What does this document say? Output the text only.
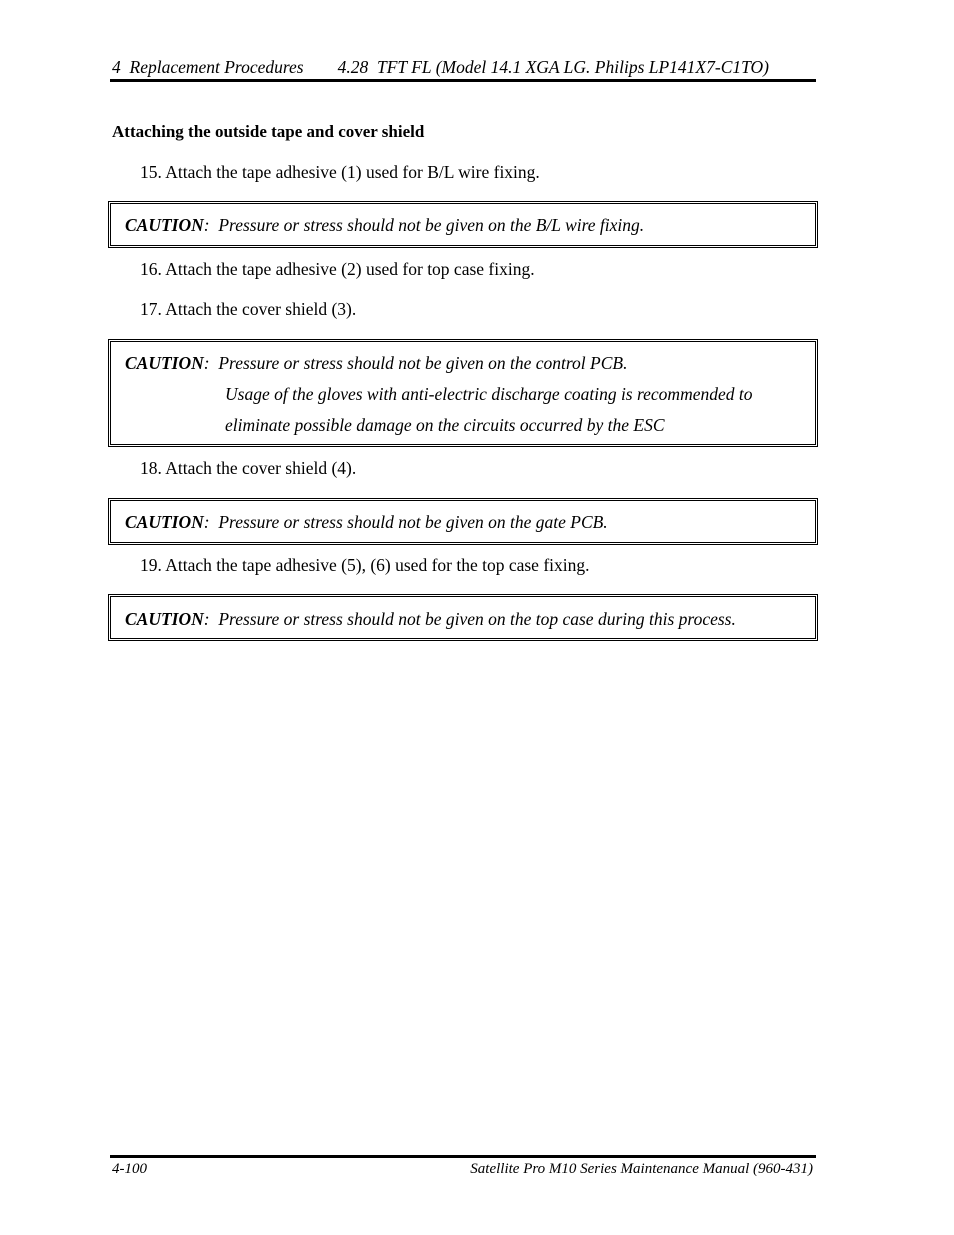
4  Replacement Procedures 4.28  TFT FL (Model 14.1 XGA LG. Philips LP141X7-C1TO)
Attaching the outside tape and cover shield
15. Attach the tape adhesive (1) used for B/L wire fixing.
CAUTION:  Pressure or stress should not be given on the B/L wire fixing.
16. Attach the tape adhesive (2) used for top case fixing.
17. Attach the cover shield (3).
CAUTION:  Pressure or stress should not be given on the control PCB.
Usage of the gloves with anti-electric discharge coating is recommended to
eliminate possible damage on the circuits occurred by the ESC
18. Attach the cover shield (4).
CAUTION:  Pressure or stress should not be given on the gate PCB.
19. Attach the tape adhesive (5), (6) used for the top case fixing.
CAUTION:  Pressure or stress should not be given on the top case during this process.
4-100	Satellite Pro M10 Series Maintenance Manual (960-431)
